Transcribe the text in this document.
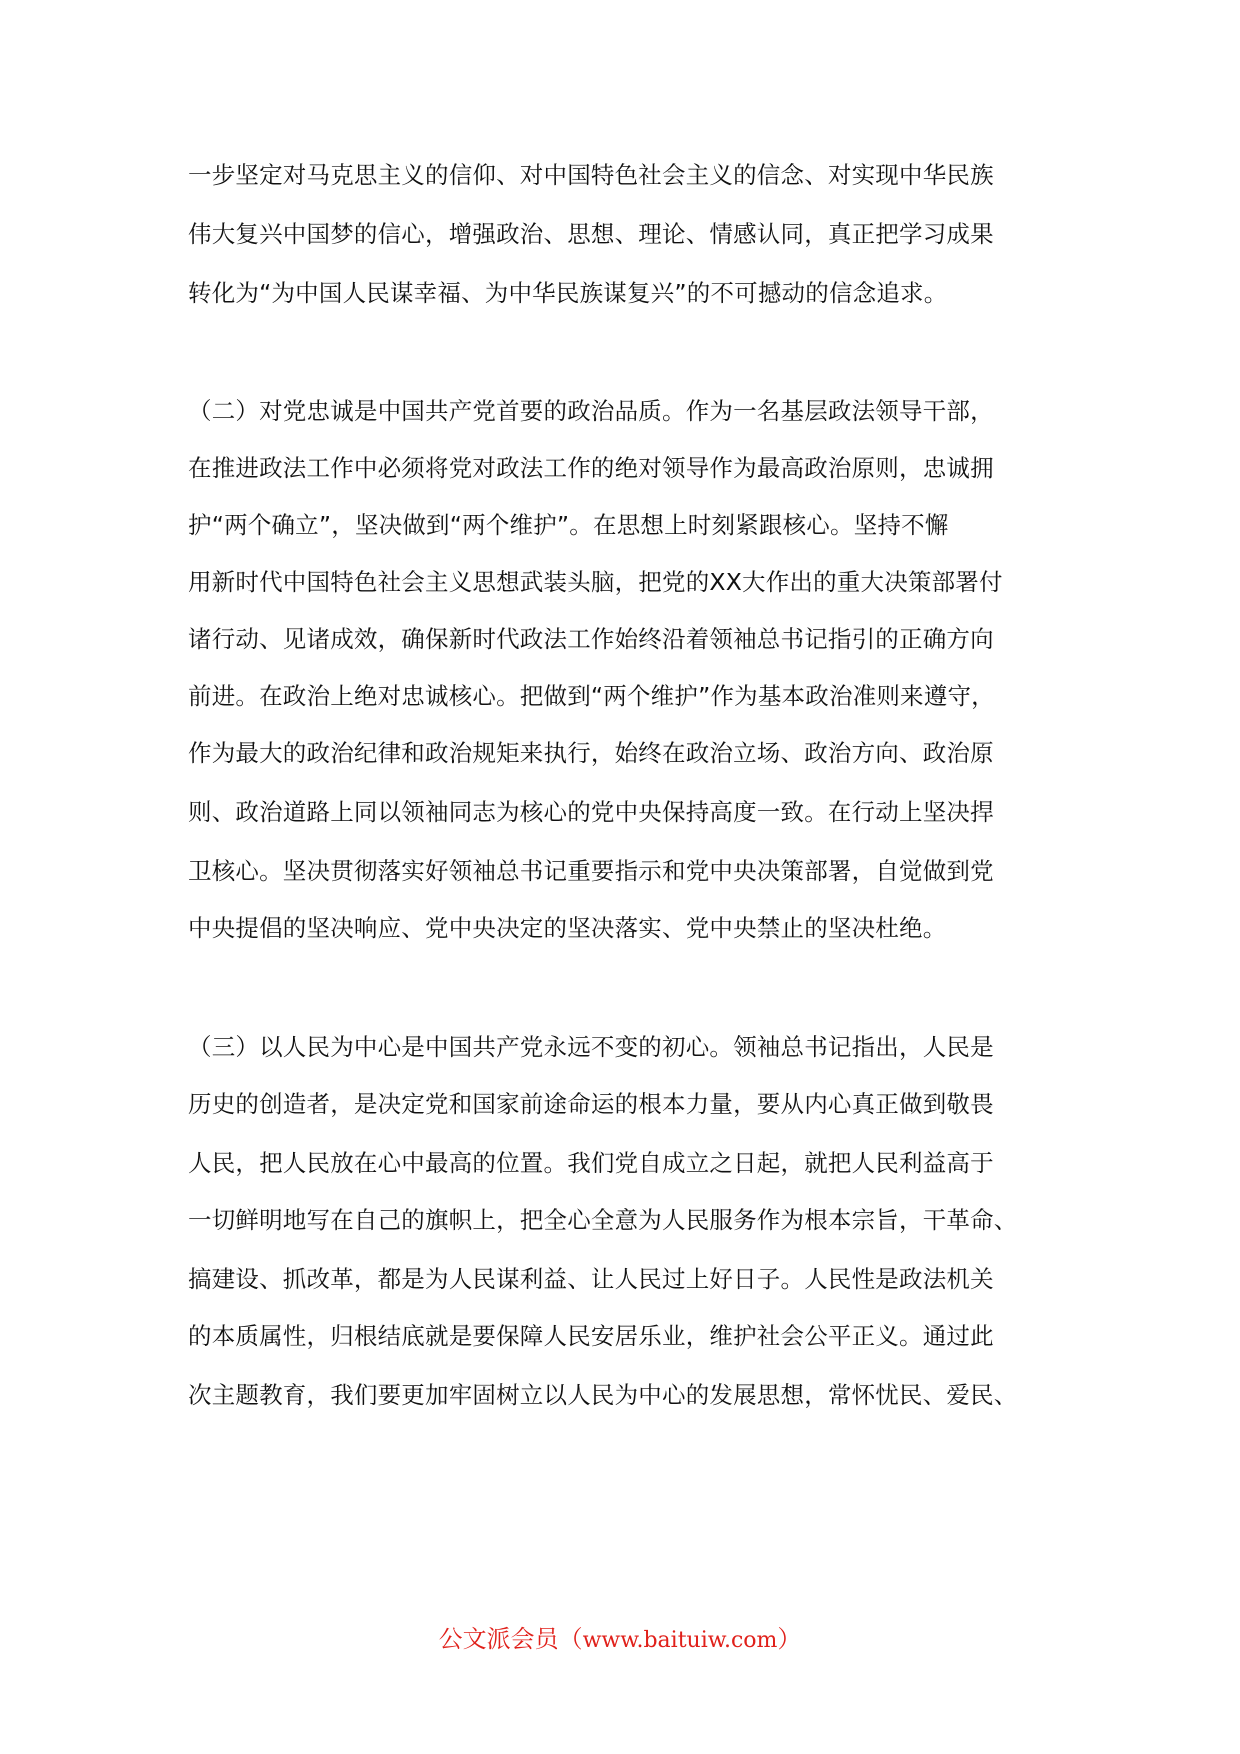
一步坚定对马克思主义的信仰、对中国特色社会主义的信念、对实现中华民族
伟大复兴中国梦的信心，增强政治、思想、理论、情感认同，真正把学习成果
转化为“为中国人民谋幸福、为中华民族谋复兴”的不可撼动的信念追求。
（二）对党忠诚是中国共产党首要的政治品质。作为一名基层政法领导干部，
在推进政法工作中必须将党对政法工作的绝对领导作为最高政治原则，忠诚拥
护“两个确立”，坚决做到“两个维护”。在思想上时刻紧跟核心。坚持不懈
用新时代中国特色社会主义思想武装头脑，把党的XX大作出的重大决策部署付
诸行动、见诸成效，确保新时代政法工作始终沿着领袖总书记指引的正确方向
前进。在政治上绝对忠诚核心。把做到“两个维护”作为基本政治准则来遵守，
作为最大的政治纪律和政治规矩来执行，始终在政治立场、政治方向、政治原
则、政治道路上同以领袖同志为核心的党中央保持高度一致。在行动上坚决捍
卫核心。坚决贯彻落实好领袖总书记重要指示和党中央决策部署，自觉做到党
中央提倡的坚决响应、党中央决定的坚决落实、党中央禁止的坚决杜绝。
（三）以人民为中心是中国共产党永远不变的初心。领袖总书记指出，人民是
历史的创造者，是决定党和国家前途命运的根本力量，要从内心真正做到敬畏
人民，把人民放在心中最高的位置。我们党自成立之日起，就把人民利益高于
一切鲜明地写在自己的旗帜上，把全心全意为人民服务作为根本宗旨，干革命、
搞建设、抓改革，都是为人民谋利益、让人民过上好日子。人民性是政法机关
的本质属性，归根结底就是要保障人民安居乐业，维护社会公平正义。通过此
次主题教育，我们要更加牢固树立以人民为中心的发展思想，常怀忧民、爱民、
公文派会员（www.baituiw.com）
